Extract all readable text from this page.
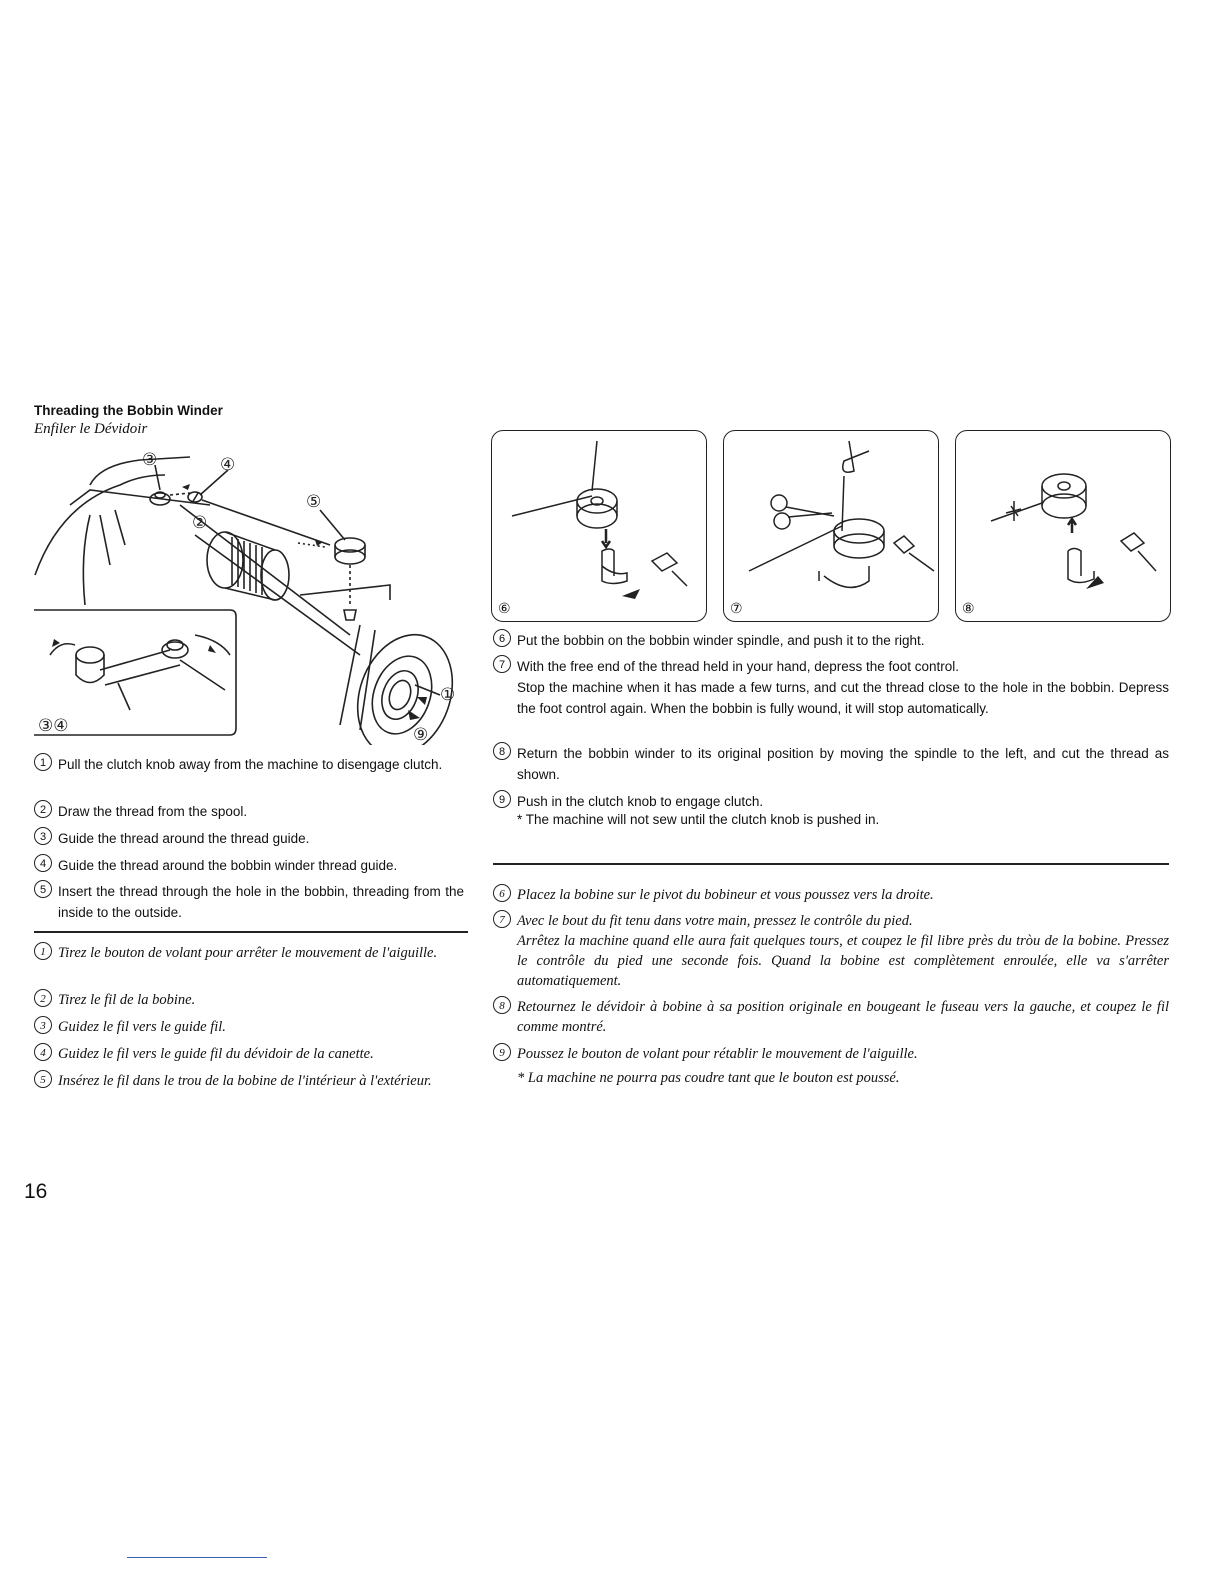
Threading the Bobbin Winder
Enfiler le Dévidoir
③	④
⑤
②
①
⑨
③④
⑥	⑦	⑧
1 Pull the clutch knob away from the machine to disengage clutch.
2 Draw the thread from the spool.
3 Guide the thread around the thread guide.
4 Guide the thread around the bobbin winder thread guide.
5 Insert the thread through the hole in the bobbin, threading from the inside to the outside.
1 Tirez le bouton de volant pour arrêter le mouvement de l'aiguille.
2 Tirez le fil de la bobine.
3 Guidez le fil vers le guide fil.
4 Guidez le fil vers le guide fil du dévidoir de la canette.
5 Insérez le fil dans le trou de la bobine de l'intérieur à l'extérieur.
6 Put the bobbin on the bobbin winder spindle, and push it to the right.
7 With the free end of the thread held in your hand, depress the foot control.
Stop the machine when it has made a few turns, and cut the thread close to the hole in the bobbin. Depress the foot control again. When the bobbin is fully wound, it will stop automatically.
8 Return the bobbin winder to its original position by moving the spindle to the left, and cut the thread as shown.
9 Push in the clutch knob to engage clutch.
* The machine will not sew until the clutch knob is pushed in.
6 Placez la bobine sur le pivot du bobineur et vous poussez vers la droite.
7 Avec le bout du fit tenu dans votre main, pressez le contrôle du pied.
Arrêtez la machine quand elle aura fait quelques tours, et coupez le fil libre près du tròu de la bobine. Pressez le contrôle du pied une seconde fois. Quand la bobine est complètement enroulée, elle va s'arrêter automatiquement.
8 Retournez le dévidoir à bobine à sa position originale en bougeant le fuseau vers la gauche, et coupez le fil comme montré.
9 Poussez le bouton de volant pour rétablir le mouvement de l'aiguille.
* La machine ne pourra pas coudre tant que le bouton est poussé.
16
